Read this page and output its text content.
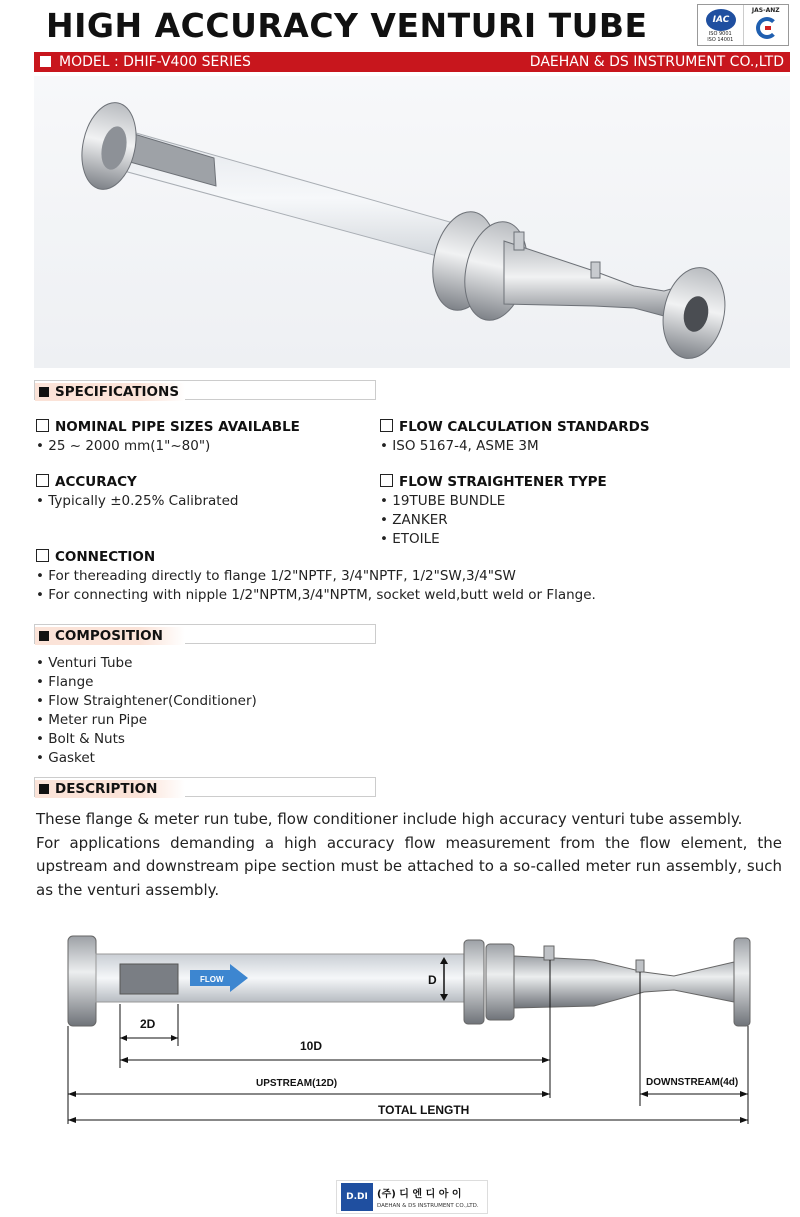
HIGH ACCURACY VENTURI TUBE	IAC
ISO 9001
ISO 14001
JAS-ANZ
MODEL : DHIF-V400 SERIES	DAEHAN & DS INSTRUMENT CO.,LTD
SPECIFICATIONS
NOMINAL PIPE SIZES AVAILABLE
• 25 ~ 2000 mm(1"~80")
FLOW CALCULATION STANDARDS
• ISO 5167-4, ASME 3M
ACCURACY
• Typically ±0.25% Calibrated
FLOW STRAIGHTENER TYPE
• 19TUBE BUNDLE
• ZANKER
• ETOILE
CONNECTION
• For thereading directly to flange 1/2"NPTF, 3/4"NPTF, 1/2"SW,3/4"SW
• For connecting with nipple 1/2"NPTM,3/4"NPTM, socket weld,butt weld or Flange.
COMPOSITION
• Venturi Tube
• Flange
• Flow Straightener(Conditioner)
• Meter run Pipe
• Bolt & Nuts
• Gasket
DESCRIPTION
These flange & meter run tube, flow conditioner include high accuracy venturi tube assembly.
For applications demanding a high accuracy flow measurement from the flow element, the upstream and downstream pipe section must be attached to a so-called meter run assembly, such as the venturi assembly.
FLOW	D
2D
10D
UPSTREAM(12D)	DOWNSTREAM(4d)
TOTAL LENGTH
D.DI (주) 디 엔 디 아 이
DAEHAN & DS INSTRUMENT CO.,LTD.
